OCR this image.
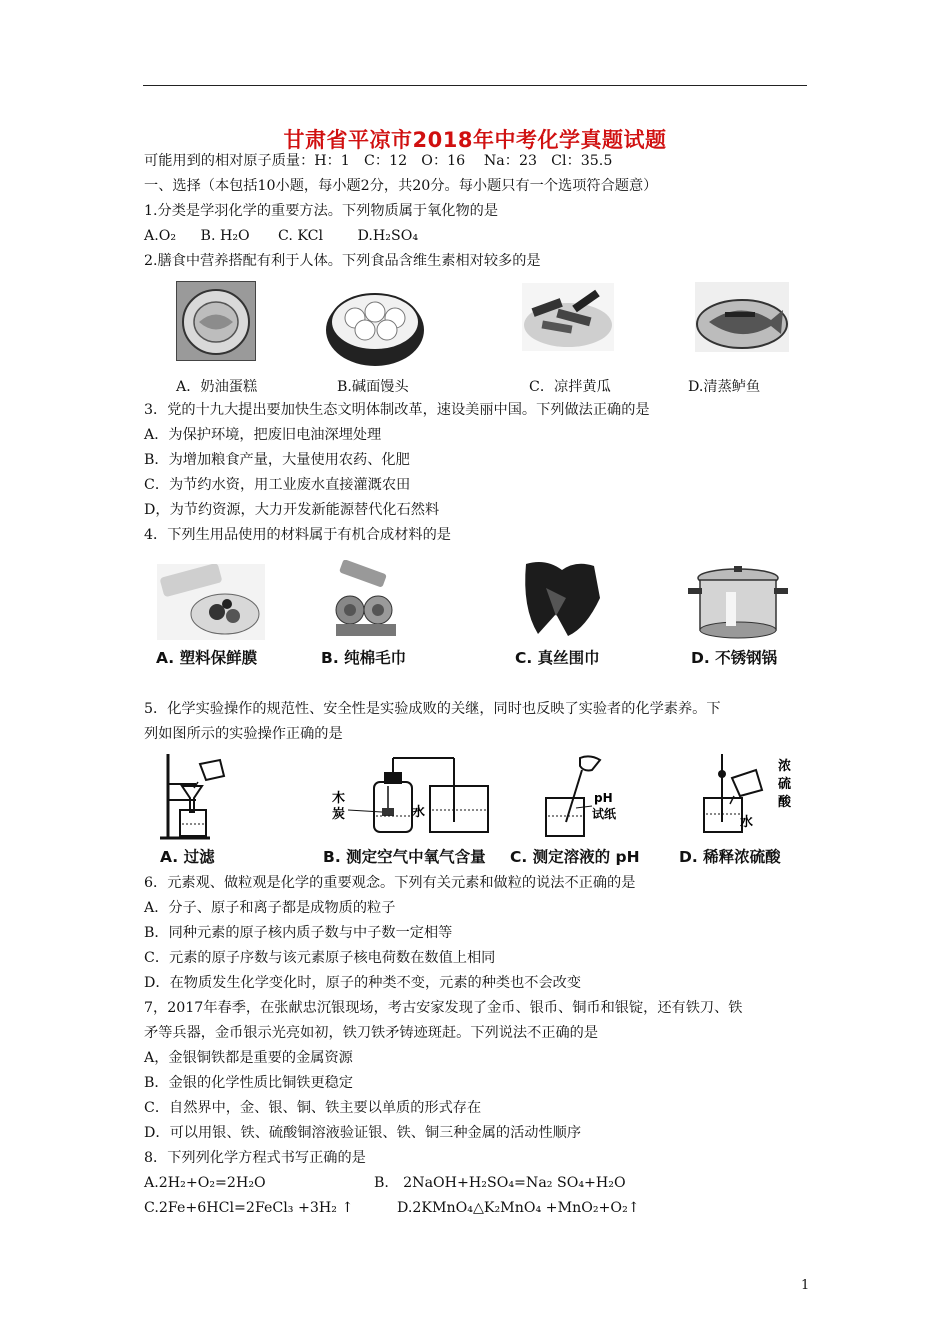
甘肃省平凉市2018年中考化学真题试题
可能用到的相对原子质量：H：1　C：12　O：16　 Na：23　Cl：35.5
一、选择（本包括10小题，每小题2分，共20分。每小题只有一个选项符合题意）
1.分类是学羽化学的重要方法。下列物质属于氧化物的是
A.O₂ B. H₂O C. KCl D.H₂SO₄
2.膳食中营养搭配有利于人体。下列食品含维生素相对较多的是
A．奶油蛋糕	B.碱面馒头	C．凉拌黄瓜	D.清蒸鲈鱼
3．党的十九大提出要加快生态文明体制改革，速设美丽中国。下列做法正确的是
A．为保护环境，把废旧电油深埋处理
B．为增加粮食产量，大量使用农药、化肥
C．为节约水资，用工业废水直接灌溉农田
D，为节约资源，大力开发新能源替代化石然料
4．下列生用品使用的材料属于有机合成材料的是
A. 塑料保鲜膜	B. 纯棉毛巾	C. 真丝围巾	D. 不锈钢锅
5．化学实验操作的规范性、安全性是实验成败的关继，同时也反映了实验者的化学素养。下
列如图所示的实验操作正确的是
木
炭	水
pH
试纸
水
浓
硫
酸
A. 过滤	B. 测定空气中氧气含量 C. 测定溶液的 pH	D. 稀释浓硫酸
6．元素观、做粒观是化学的重要观念。下列有关元素和做粒的说法不正确的是
A．分子、原子和离子都是成物质的粒子
B．同种元素的原子核内质子数与中子数一定相等
C．元素的原子序数与该元素原子核电荷数在数值上相同
D．在物质发生化学变化时，原子的种类不变，元素的种类也不会改变
7，2017年春季，在张献忠沉银现场，考古安家发现了金币、银币、铜币和银锭，还有铁刀、铁
矛等兵器，金币银示光亮如初，铁刀铁矛铸迹斑赶。下列说法不正确的是
A，金银铜铁都是重要的金属资源
B．金银的化学性质比铜铁更稳定
C．自然界中，金、银、铜、铁主要以单质的形式存在
D．可以用银、铁、硫酸铜溶液验证银、铁、铜三种金属的活动性顺序
8．下列列化学方程式书写正确的是
A.2H₂+O₂=2H₂O	B.　2NaOH+H₂SO₄=Na₂ SO₄+H₂O
C.2Fe+6HCl=2FeCl₃ +3H₂ ↑	D.2KMnO₄△K₂MnO₄ +MnO₂+O₂↑
1
